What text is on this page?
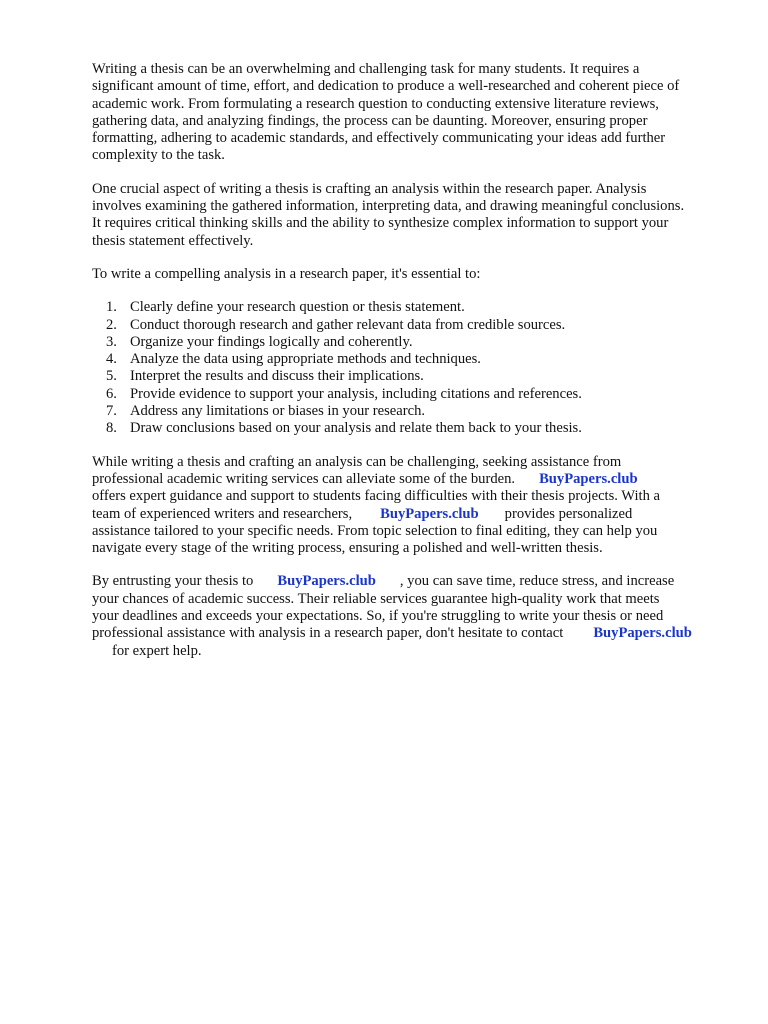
Writing a thesis can be an overwhelming and challenging task for many students. It requires a
significant amount of time, effort, and dedication to produce a well-researched and coherent piece of
academic work. From formulating a research question to conducting extensive literature reviews,
gathering data, and analyzing findings, the process can be daunting. Moreover, ensuring proper
formatting, adhering to academic standards, and effectively communicating your ideas add further
complexity to the task.

One crucial aspect of writing a thesis is crafting an analysis within the research paper. Analysis
involves examining the gathered information, interpreting data, and drawing meaningful conclusions.
It requires critical thinking skills and the ability to synthesize complex information to support your
thesis statement effectively.

To write a compelling analysis in a research paper, it's essential to:

1. Clearly define your research question or thesis statement.
2. Conduct thorough research and gather relevant data from credible sources.
3. Organize your findings logically and coherently.
4. Analyze the data using appropriate methods and techniques.
5. Interpret the results and discuss their implications.
6. Provide evidence to support your analysis, including citations and references.
7. Address any limitations or biases in your research.
8. Draw conclusions based on your analysis and relate them back to your thesis.

While writing a thesis and crafting an analysis can be challenging, seeking assistance from
professional academic writing services can alleviate some of the burden. BuyPapers.club
offers expert guidance and support to students facing difficulties with their thesis projects. With a
team of experienced writers and researchers, BuyPapers.club provides personalized
assistance tailored to your specific needs. From topic selection to final editing, they can help you
navigate every stage of the writing process, ensuring a polished and well-written thesis.

By entrusting your thesis to BuyPapers.club , you can save time, reduce stress, and increase
your chances of academic success. Their reliable services guarantee high-quality work that meets
your deadlines and exceeds your expectations. So, if you're struggling to write your thesis or need
professional assistance with analysis in a research paper, don't hesitate to contact BuyPapers.club
for expert help.
